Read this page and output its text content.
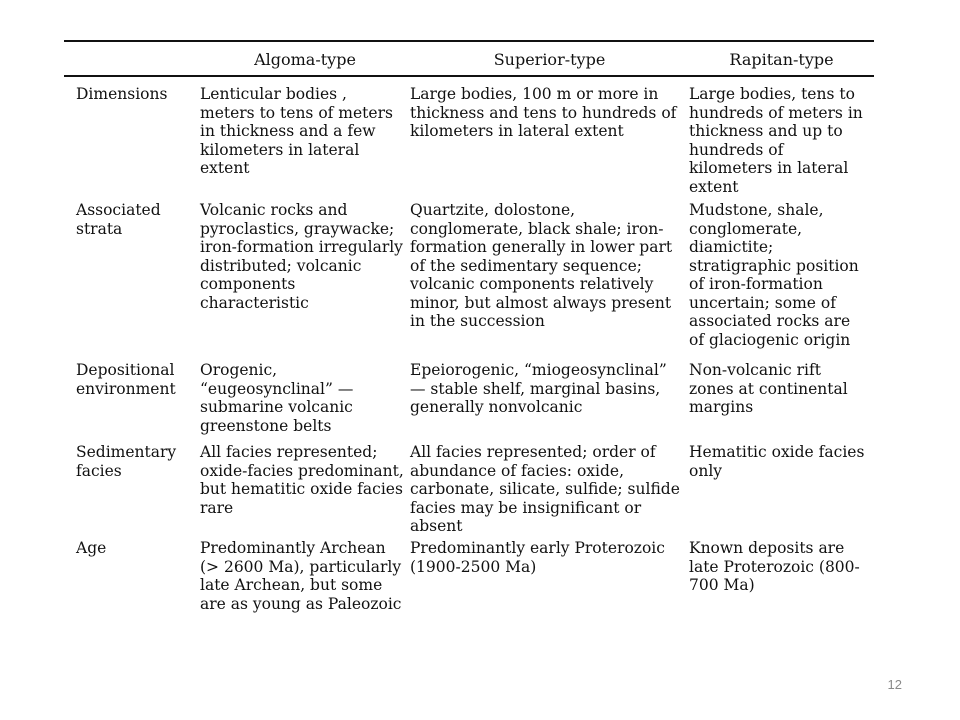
	Algoma-type	Superior-type	Rapitan-type

Dimensions	Lenticular bodies , meters to tens of meters in thickness and a few kilometers in lateral extent	Large bodies, 100 m or more in thickness and tens to hundreds of kilometers in lateral extent	Large bodies, tens to hundreds of meters in thickness and up to hundreds of kilometers in lateral extent
Associated strata	Volcanic rocks and pyroclastics, graywacke; iron-formation irregularly distributed; volcanic components characteristic	Quartzite, dolostone, conglomerate, black shale; iron-formation generally in lower part of the sedimentary sequence; volcanic components relatively minor, but almost always present in the succession	Mudstone, shale, conglomerate, diamictite; stratigraphic position of iron-formation uncertain; some of associated rocks are of glaciogenic origin
Depositional environment	Orogenic, “eugeosynclinal” — submarine volcanic greenstone belts	Epeiorogenic, “miogeosynclinal” — stable shelf, marginal basins, generally nonvolcanic	Non-volcanic rift zones at continental margins
Sedimentary facies	All facies represented; oxide-facies predominant, but hematitic oxide facies rare	All facies represented; order of abundance of facies: oxide, carbonate, silicate, sulfide; sulfide facies may be insignificant or absent	Hematitic oxide facies only
Age	Predominantly Archean (> 2600 Ma), particularly late Archean, but some are as young as Paleozoic	Predominantly early Proterozoic (1900-2500 Ma)	Known deposits are late Proterozoic (800-700 Ma)
12
